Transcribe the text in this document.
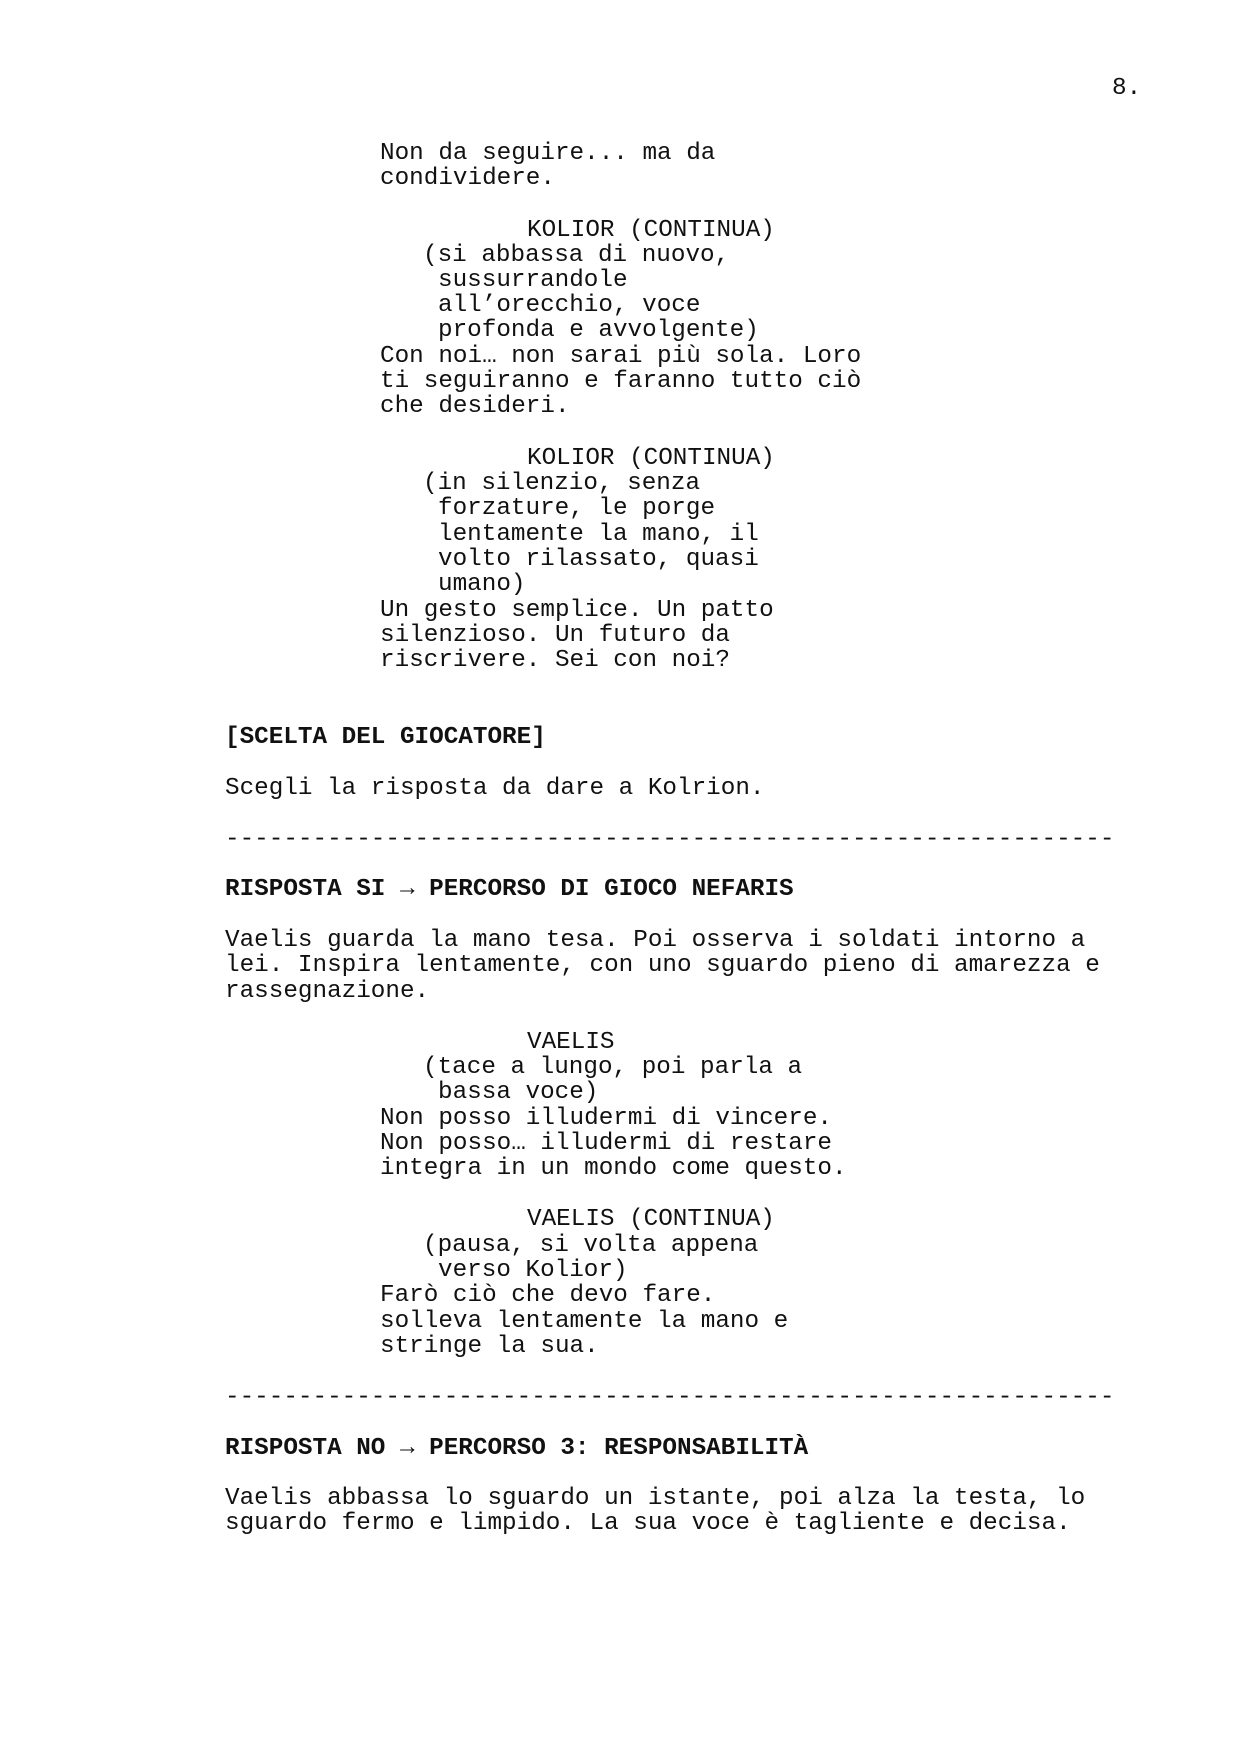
8.
Non da seguire... ma da
condividere.
KOLIOR (CONTINUA)
(si abbassa di nuovo,
sussurrandole
all’orecchio, voce
profonda e avvolgente)
Con noi… non sarai più sola. Loro
ti seguiranno e faranno tutto ciò
che desideri.
KOLIOR (CONTINUA)
(in silenzio, senza
forzature, le porge
lentamente la mano, il
volto rilassato, quasi
umano)
Un gesto semplice. Un patto
silenzioso. Un futuro da
riscrivere. Sei con noi?
[SCELTA DEL GIOCATORE]
Scegli la risposta da dare a Kolrion.
-------------------------------------------------------------
RISPOSTA SI → PERCORSO DI GIOCO NEFARIS
Vaelis guarda la mano tesa. Poi osserva i soldati intorno a
lei. Inspira lentamente, con uno sguardo pieno di amarezza e
rassegnazione.
VAELIS
(tace a lungo, poi parla a
bassa voce)
Non posso illudermi di vincere.
Non posso… illudermi di restare
integra in un mondo come questo.
VAELIS (CONTINUA)
(pausa, si volta appena
verso Kolior)
Farò ciò che devo fare.
solleva lentamente la mano e
stringe la sua.
-------------------------------------------------------------
RISPOSTA NO → PERCORSO 3: RESPONSABILITÀ
Vaelis abbassa lo sguardo un istante, poi alza la testa, lo
sguardo fermo e limpido. La sua voce è tagliente e decisa.
